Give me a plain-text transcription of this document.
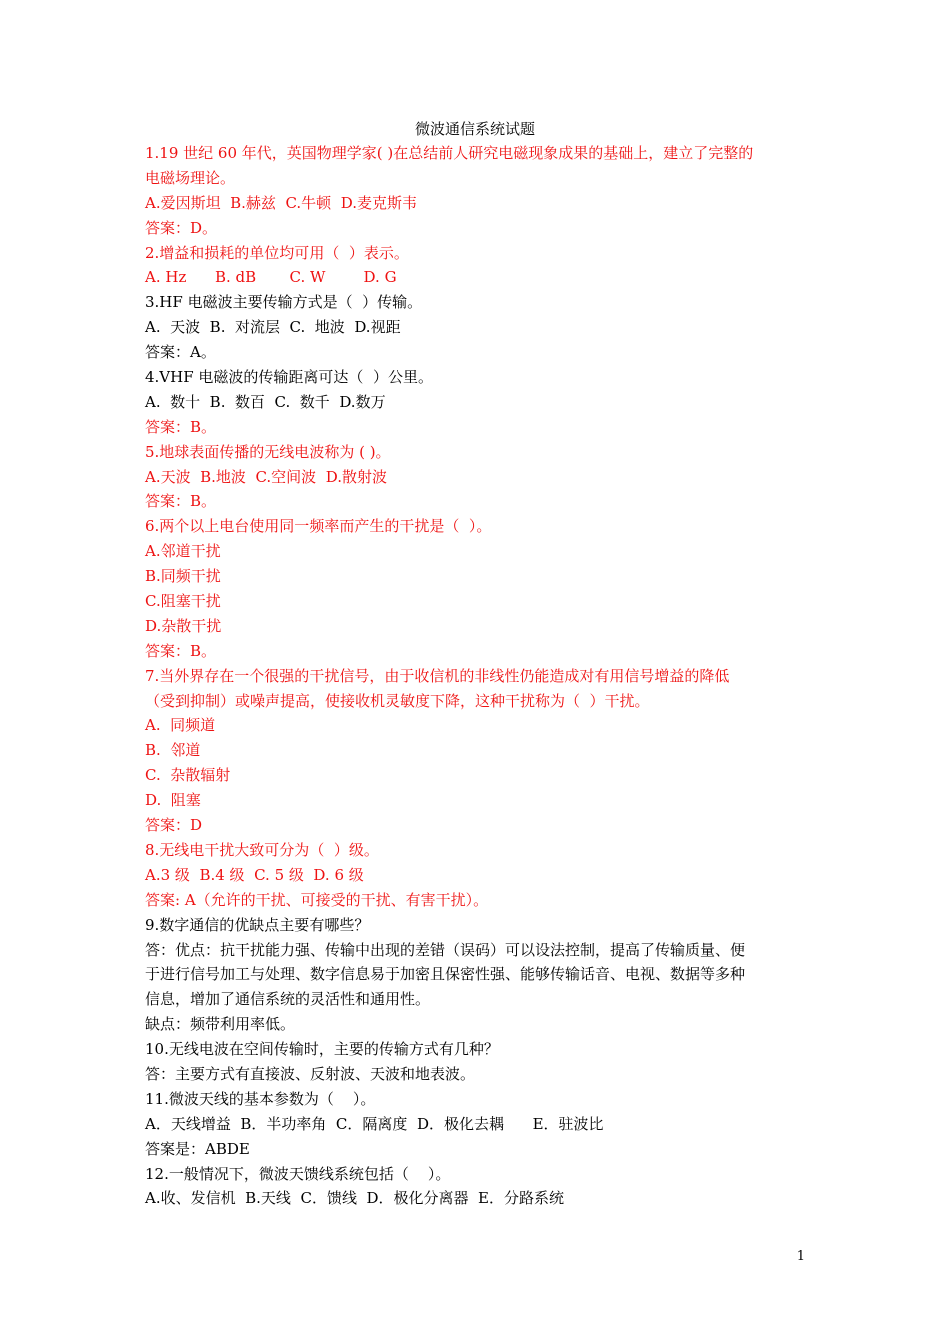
微波通信系统试题
1.19 世纪 60 年代，英国物理学家( )在总结前人研究电磁现象成果的基础上，建立了完整的
电磁场理论。
A.爱因斯坦  B.赫兹  C.牛顿  D.麦克斯韦
答案：D。
2.增益和损耗的单位均可用（  ）表示。
A. Hz      B. dB       C. W        D. G
3.HF 电磁波主要传输方式是（  ）传输。
A.  天波  B.  对流层  C.  地波  D.视距
答案：A。
4.VHF 电磁波的传输距离可达（  ）公里。
A.  数十  B.  数百  C.  数千  D.数万
答案：B。
5.地球表面传播的无线电波称为 ( )。
A.天波  B.地波  C.空间波  D.散射波
答案：B。
6.两个以上电台使用同一频率而产生的干扰是（  ）。
A.邻道干扰
B.同频干扰
C.阻塞干扰
D.杂散干扰
答案：B。
7.当外界存在一个很强的干扰信号，由于收信机的非线性仍能造成对有用信号增益的降低
（受到抑制）或噪声提高，使接收机灵敏度下降，这种干扰称为（  ）干扰。
A.  同频道
B.  邻道
C.  杂散辐射
D.  阻塞
答案：D
8.无线电干扰大致可分为（  ）级。
A.3 级  B.4 级  C. 5 级  D. 6 级
答案: A（允许的干扰、可接受的干扰、有害干扰）。
9.数字通信的优缺点主要有哪些？
答：优点：抗干扰能力强、传输中出现的差错（误码）可以设法控制，提高了传输质量、便
于进行信号加工与处理、数字信息易于加密且保密性强、能够传输话音、电视、数据等多种
信息，增加了通信系统的灵活性和通用性。
缺点：频带利用率低。
10.无线电波在空间传输时，主要的传输方式有几种？
答：主要方式有直接波、反射波、天波和地表波。
11.微波天线的基本参数为（    ）。
A．天线增益  B．半功率角  C．隔离度  D．极化去耦      E．驻波比
答案是：ABDE
12.一般情况下，微波天馈线系统包括（    ）。
A.收、发信机  B.天线  C．馈线  D．极化分离器  E．分路系统
1
